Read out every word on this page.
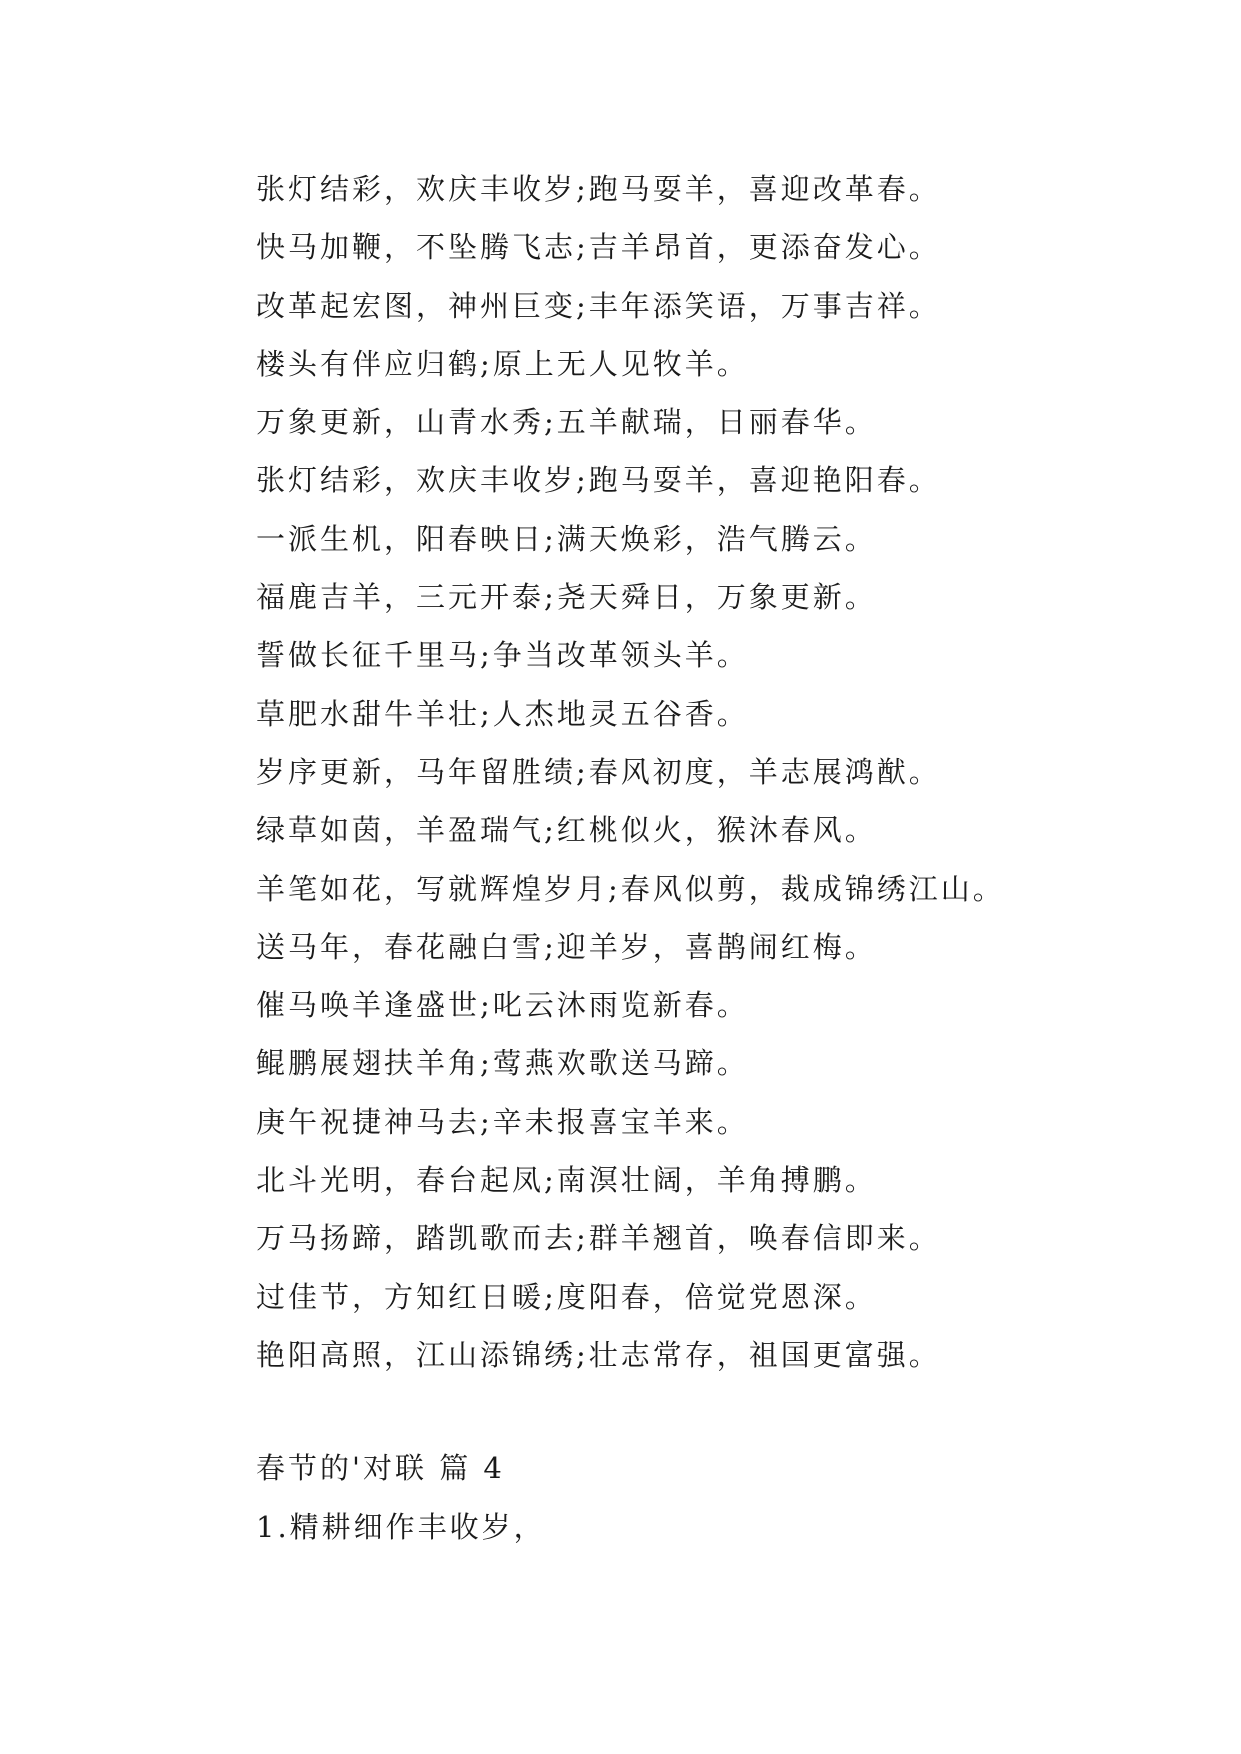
张灯结彩，欢庆丰收岁;跑马耍羊，喜迎改革春。
快马加鞭，不坠腾飞志;吉羊昂首，更添奋发心。
改革起宏图，神州巨变;丰年添笑语，万事吉祥。
楼头有伴应归鹤;原上无人见牧羊。
万象更新，山青水秀;五羊献瑞，日丽春华。
张灯结彩，欢庆丰收岁;跑马耍羊，喜迎艳阳春。
一派生机，阳春映日;满天焕彩，浩气腾云。
福鹿吉羊，三元开泰;尧天舜日，万象更新。
誓做长征千里马;争当改革领头羊。
草肥水甜牛羊壮;人杰地灵五谷香。
岁序更新，马年留胜绩;春风初度，羊志展鸿猷。
绿草如茵，羊盈瑞气;红桃似火，猴沐春风。
羊笔如花，写就辉煌岁月;春风似剪，裁成锦绣江山。
送马年，春花融白雪;迎羊岁，喜鹊闹红梅。
催马唤羊逢盛世;叱云沐雨览新春。
鲲鹏展翅扶羊角;莺燕欢歌送马蹄。
庚午祝捷神马去;辛未报喜宝羊来。
北斗光明，春台起凤;南溟壮阔，羊角搏鹏。
万马扬蹄，踏凯歌而去;群羊翘首，唤春信即来。
过佳节，方知红日暖;度阳春，倍觉党恩深。
艳阳高照，江山添锦绣;壮志常存，祖国更富强。
春节的'对联 篇 4
1.精耕细作丰收岁，
